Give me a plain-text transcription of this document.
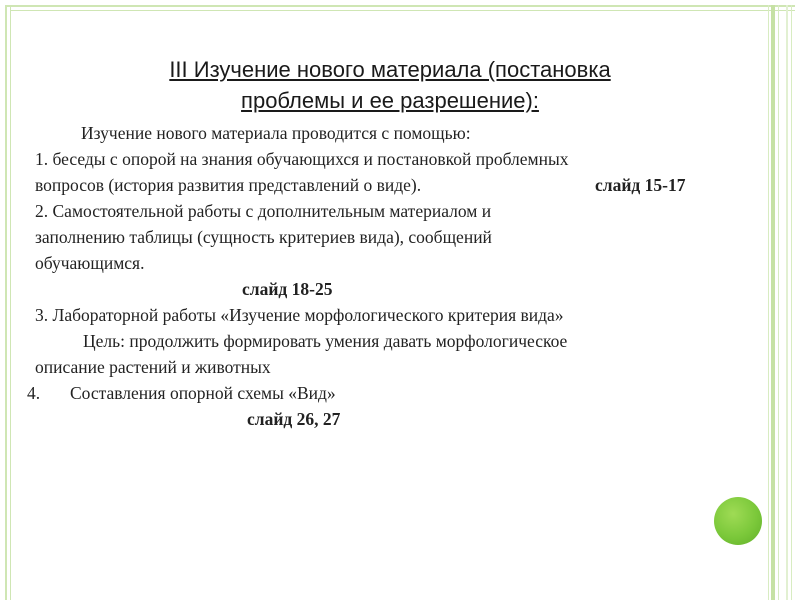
III Изучение нового материала (постановка
проблемы и ее разрешение):
Изучение нового материала проводится с помощью:
1. беседы с опорой на знания обучающихся и постановкой проблемных
вопросов (история развития представлений о виде).	слайд 15-17
2. Самостоятельной работы с дополнительным материалом и
заполнению таблицы (сущность критериев вида), сообщений
обучающимся.
слайд 18-25
3. Лабораторной работы «Изучение морфологического критерия вида»
Цель: продолжить формировать умения давать морфологическое
описание растений и животных
4. Составления опорной схемы «Вид»
слайд 26, 27
